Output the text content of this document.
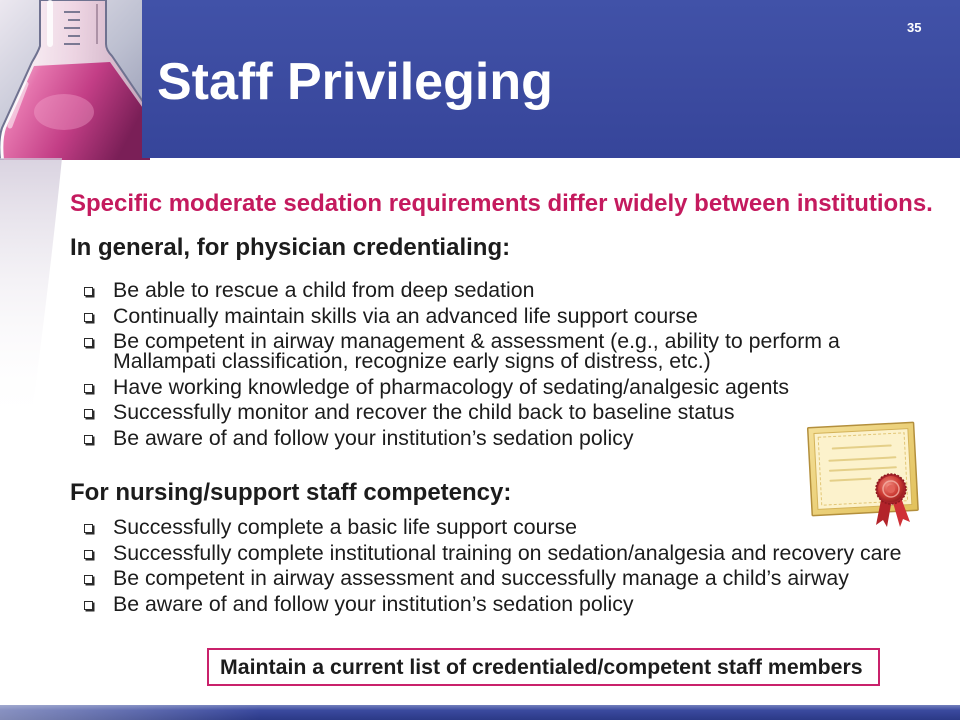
35
Staff Privileging
Specific moderate sedation requirements differ widely between institutions.
In general, for physician credentialing:
Be able to rescue a child from deep sedation
Continually maintain skills via an advanced life support course
Be competent in airway management & assessment (e.g., ability to perform a Mallampati classification, recognize early signs of distress, etc.)
Have working knowledge of pharmacology of sedating/analgesic agents
Successfully monitor and recover the child back to baseline status
Be aware of and follow your institution’s sedation policy
For nursing/support staff competency:
Successfully complete a basic life support course
Successfully complete institutional training on sedation/analgesia and recovery care
Be competent in airway assessment and successfully manage a child’s airway
Be aware of and follow your institution’s sedation policy
Maintain a current list of credentialed/competent staff members
